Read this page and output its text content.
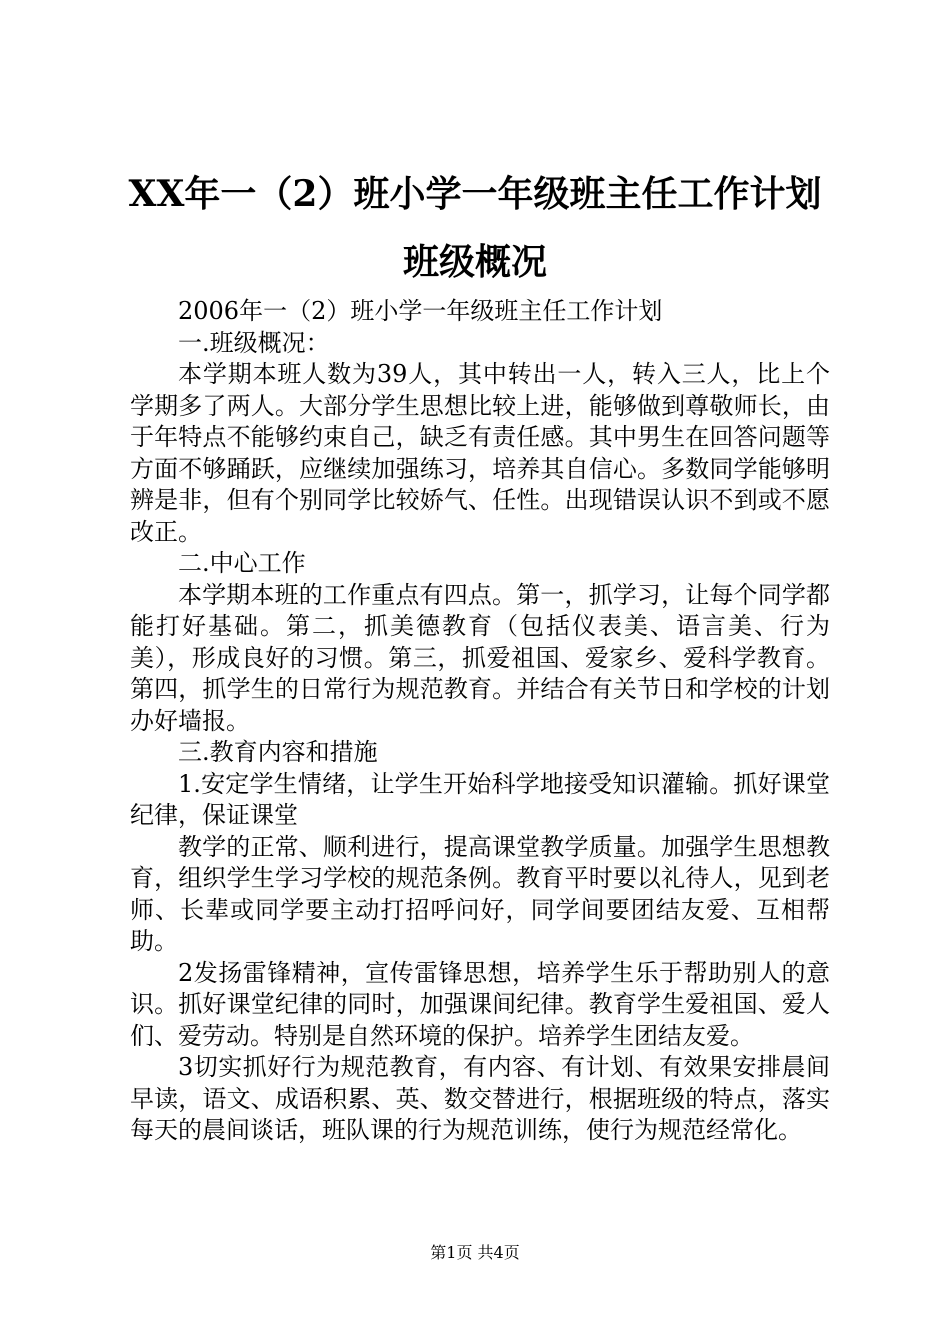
XX年一（2）班小学一年级班主任工作计划班级概况

2006年一（2）班小学一年级班主任工作计划

一.班级概况：

本学期本班人数为39人，其中转出一人，转入三人，比上个学期多了两人。大部分学生思想比较上进，能够做到尊敬师长，由于年特点不能够约束自己，缺乏有责任感。其中男生在回答问题等方面不够踊跃，应继续加强练习，培养其自信心。多数同学能够明辨是非，但有个别同学比较娇气、任性。出现错误认识不到或不愿改正。

二.中心工作

本学期本班的工作重点有四点。第一，抓学习，让每个同学都能打好基础。第二，抓美德教育（包括仪表美、语言美、行为美），形成良好的习惯。第三，抓爱祖国、爱家乡、爱科学教育。第四，抓学生的日常行为规范教育。并结合有关节日和学校的计划办好墙报。

三.教育内容和措施

1.安定学生情绪，让学生开始科学地接受知识灌输。抓好课堂纪律，保证课堂

教学的正常、顺利进行，提高课堂教学质量。加强学生思想教育，组织学生学习学校的规范条例。教育平时要以礼待人，见到老师、长辈或同学要主动打招呼问好，同学间要团结友爱、互相帮助。

2发扬雷锋精神，宣传雷锋思想，培养学生乐于帮助别人的意识。抓好课堂纪律的同时，加强课间纪律。教育学生爱祖国、爱人们、爱劳动。特别是自然环境的保护。培养学生团结友爱。

3切实抓好行为规范教育，有内容、有计划、有效果安排晨间早读，语文、成语积累、英、数交替进行，根据班级的特点，落实每天的晨间谈话，班队课的行为规范训练，使行为规范经常化。

第1页 共4页
